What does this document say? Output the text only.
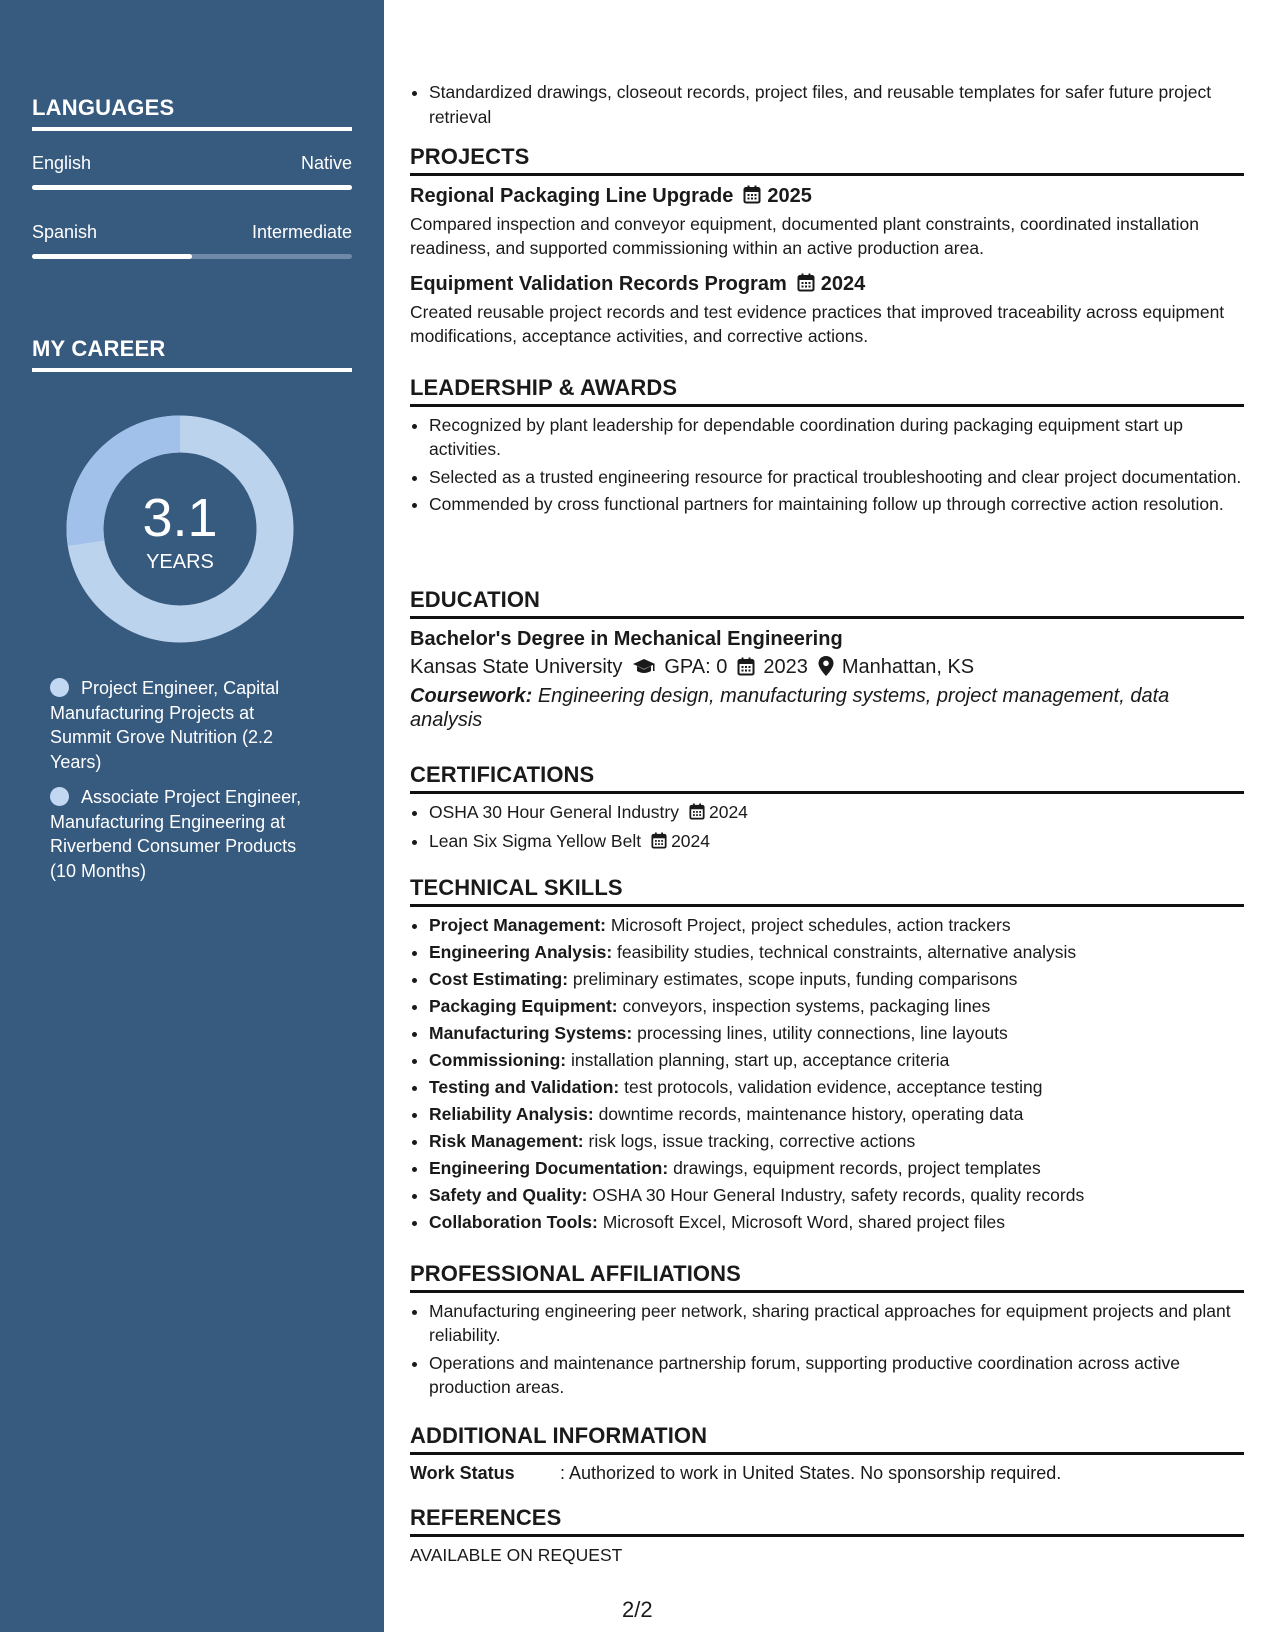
LANGUAGES
English	Native
Spanish	Intermediate
MY CAREER
3.1
YEARS
Project Engineer, Capital Manufacturing Projects at Summit Grove Nutrition (2.2 Years)
Associate Project Engineer, Manufacturing Engineering at Riverbend Consumer Products (10 Months)
• Standardized drawings, closeout records, project files, and reusable templates for safer future project retrieval
PROJECTS
Regional Packaging Line Upgrade 2025
Compared inspection and conveyor equipment, documented plant constraints, coordinated installation readiness, and supported commissioning within an active production area.
Equipment Validation Records Program 2024
Created reusable project records and test evidence practices that improved traceability across equipment modifications, acceptance activities, and corrective actions.
LEADERSHIP & AWARDS
• Recognized by plant leadership for dependable coordination during packaging equipment start up activities.
• Selected as a trusted engineering resource for practical troubleshooting and clear project documentation.
• Commended by cross functional partners for maintaining follow up through corrective action resolution.
EDUCATION
Bachelor's Degree in Mechanical Engineering
Kansas State University GPA: 0 2023 Manhattan, KS
Coursework: Engineering design, manufacturing systems, project management, data analysis
CERTIFICATIONS
• OSHA 30 Hour General Industry 2024
• Lean Six Sigma Yellow Belt 2024
TECHNICAL SKILLS
• Project Management: Microsoft Project, project schedules, action trackers
• Engineering Analysis: feasibility studies, technical constraints, alternative analysis
• Cost Estimating: preliminary estimates, scope inputs, funding comparisons
• Packaging Equipment: conveyors, inspection systems, packaging lines
• Manufacturing Systems: processing lines, utility connections, line layouts
• Commissioning: installation planning, start up, acceptance criteria
• Testing and Validation: test protocols, validation evidence, acceptance testing
• Reliability Analysis: downtime records, maintenance history, operating data
• Risk Management: risk logs, issue tracking, corrective actions
• Engineering Documentation: drawings, equipment records, project templates
• Safety and Quality: OSHA 30 Hour General Industry, safety records, quality records
• Collaboration Tools: Microsoft Excel, Microsoft Word, shared project files
PROFESSIONAL AFFILIATIONS
• Manufacturing engineering peer network, sharing practical approaches for equipment projects and plant reliability.
• Operations and maintenance partnership forum, supporting productive coordination across active production areas.
ADDITIONAL INFORMATION
Work Status	: Authorized to work in United States. No sponsorship required.
REFERENCES
AVAILABLE ON REQUEST
2/2
